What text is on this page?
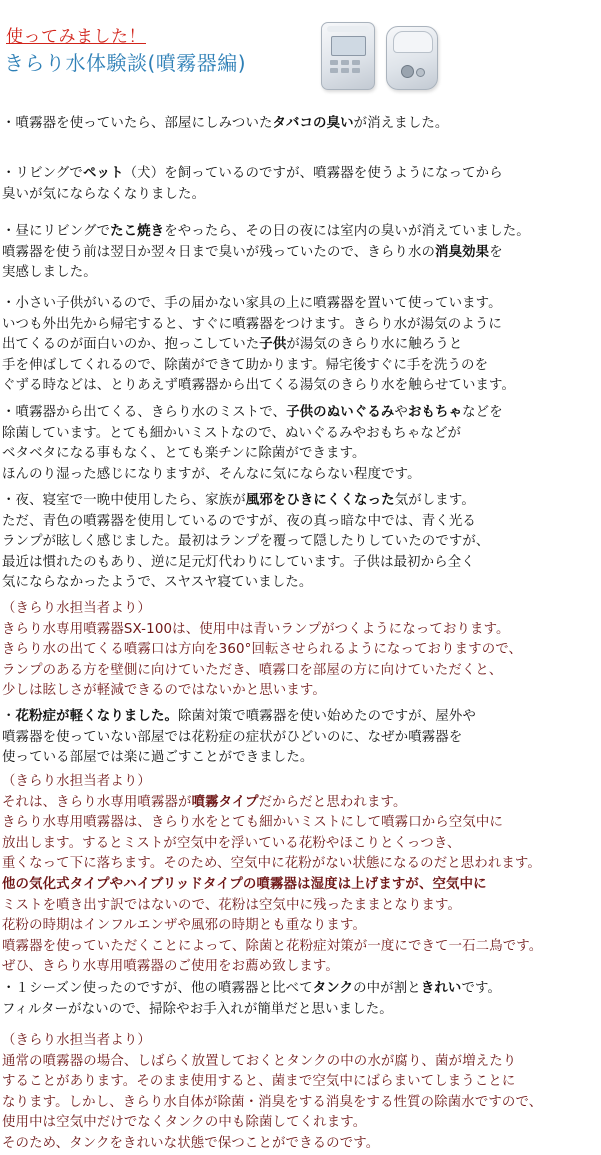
使ってみました！
きらり水体験談(噴霧器編)
・噴霧器を使っていたら、部屋にしみついたタバコの臭いが消えました。
・リビングでペット（犬）を飼っているのですが、噴霧器を使うようになってから
臭いが気にならなくなりました。
・昼にリビングでたこ焼きをやったら、その日の夜には室内の臭いが消えていました。
噴霧器を使う前は翌日か翌々日まで臭いが残っていたので、きらり水の消臭効果を
実感しました。
・小さい子供がいるので、手の届かない家具の上に噴霧器を置いて使っています。
いつも外出先から帰宅すると、すぐに噴霧器をつけます。きらり水が湯気のように
出てくるのが面白いのか、抱っこしていた子供が湯気のきらり水に触ろうと
手を伸ばしてくれるので、除菌ができて助かります。帰宅後すぐに手を洗うのを
ぐずる時などは、とりあえず噴霧器から出てくる湯気のきらり水を触らせています。
・噴霧器から出てくる、きらり水のミストで、子供のぬいぐるみやおもちゃなどを
除菌しています。とても細かいミストなので、ぬいぐるみやおもちゃなどが
ベタベタになる事もなく、とても楽チンに除菌ができます。
ほんのり湿った感じになりますが、そんなに気にならない程度です。
・夜、寝室で一晩中使用したら、家族が風邪をひきにくくなった気がします。
ただ、青色の噴霧器を使用しているのですが、夜の真っ暗な中では、青く光る
ランプが眩しく感じました。最初はランプを覆って隠したりしていたのですが、
最近は慣れたのもあり、逆に足元灯代わりにしています。子供は最初から全く
気にならなかったようで、スヤスヤ寝ていました。
（きらり水担当者より）
きらり水専用噴霧器SX-100は、使用中は青いランプがつくようになっております。
きらり水の出てくる噴霧口は方向を360°回転させられるようになっておりますので、
ランプのある方を壁側に向けていただき、噴霧口を部屋の方に向けていただくと、
少しは眩しさが軽減できるのではないかと思います。
・花粉症が軽くなりました。除菌対策で噴霧器を使い始めたのですが、屋外や
噴霧器を使っていない部屋では花粉症の症状がひどいのに、なぜか噴霧器を
使っている部屋では楽に過ごすことができました。
（きらり水担当者より）
それは、きらり水専用噴霧器が噴霧タイプだからだと思われます。
きらり水専用噴霧器は、きらり水をとても細かいミストにして噴霧口から空気中に
放出します。するとミストが空気中を浮いている花粉やほこりとくっつき、
重くなって下に落ちます。そのため、空気中に花粉がない状態になるのだと思われます。
他の気化式タイプやハイブリッドタイプの噴霧器は湿度は上げますが、空気中に
ミストを噴き出す訳ではないので、花粉は空気中に残ったままとなります。
花粉の時期はインフルエンザや風邪の時期とも重なります。
噴霧器を使っていただくことによって、除菌と花粉症対策が一度にできて一石二鳥です。
ぜひ、きらり水専用噴霧器のご使用をお薦め致します。
・１シーズン使ったのですが、他の噴霧器と比べてタンクの中が割ときれいです。
フィルターがないので、掃除やお手入れが簡単だと思いました。
（きらり水担当者より）
通常の噴霧器の場合、しばらく放置しておくとタンクの中の水が腐り、菌が増えたり
することがあります。そのまま使用すると、菌まで空気中にばらまいてしまうことに
なります。しかし、きらり水自体が除菌・消臭をする消臭をする性質の除菌水ですので、
使用中は空気中だけでなくタンクの中も除菌してくれます。
そのため、タンクをきれいな状態で保つことができるのです。
